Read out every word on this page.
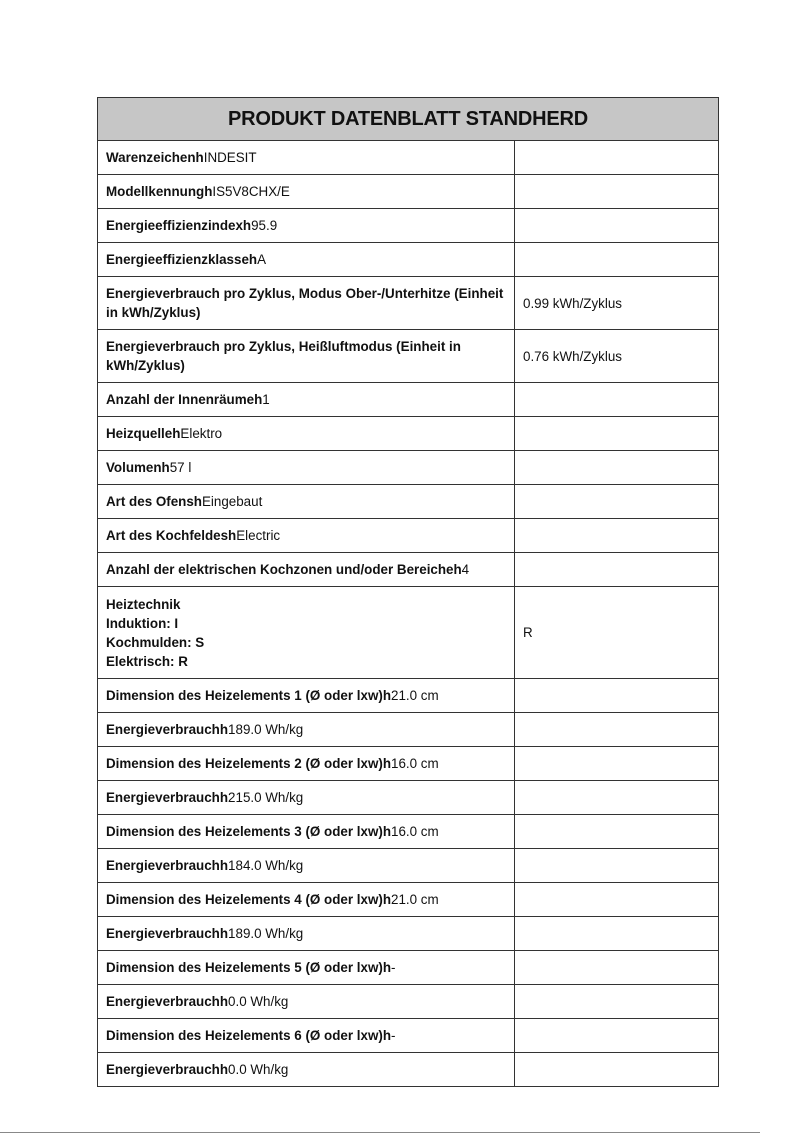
PRODUKT DATENBLATT STANDHERD	
WarenzeichenhINDESIT	
ModellkennunghIS5V8CHX/E	
Energieeffizienzindexh95.9	
EnergieeffizienzklassehA	
Energieverbrauch pro Zyklus, Modus Ober-/Unterhitze (Einheit in kWh/Zyklus)	0.99 kWh/Zyklus
Energieverbrauch pro Zyklus, Heißluftmodus (Einheit in kWh/Zyklus)	0.76 kWh/Zyklus
Anzahl der Innenräumeh1	
HeizquellehElektro	
Volumenh57 l	
Art des OfenshEingebaut	
Art des KochfeldeshElectric	
Anzahl der elektrischen Kochzonen und/oder Bereicheh4	

Heiztechnik
Induktion: I
Kochmulden: S
Elektrisch: R	R
Dimension des Heizelements 1 (Ø oder lxw)h21.0 cm	
Energieverbrauchh189.0 Wh/kg	
Dimension des Heizelements 2 (Ø oder lxw)h16.0 cm	
Energieverbrauchh215.0 Wh/kg	
Dimension des Heizelements 3 (Ø oder lxw)h16.0 cm	
Energieverbrauchh184.0 Wh/kg	
Dimension des Heizelements 4 (Ø oder lxw)h21.0 cm	
Energieverbrauchh189.0 Wh/kg	
Dimension des Heizelements 5 (Ø oder lxw)h-	
Energieverbrauchh0.0 Wh/kg	
Dimension des Heizelements 6 (Ø oder lxw)h-	
Energieverbrauchh0.0 Wh/kg	
